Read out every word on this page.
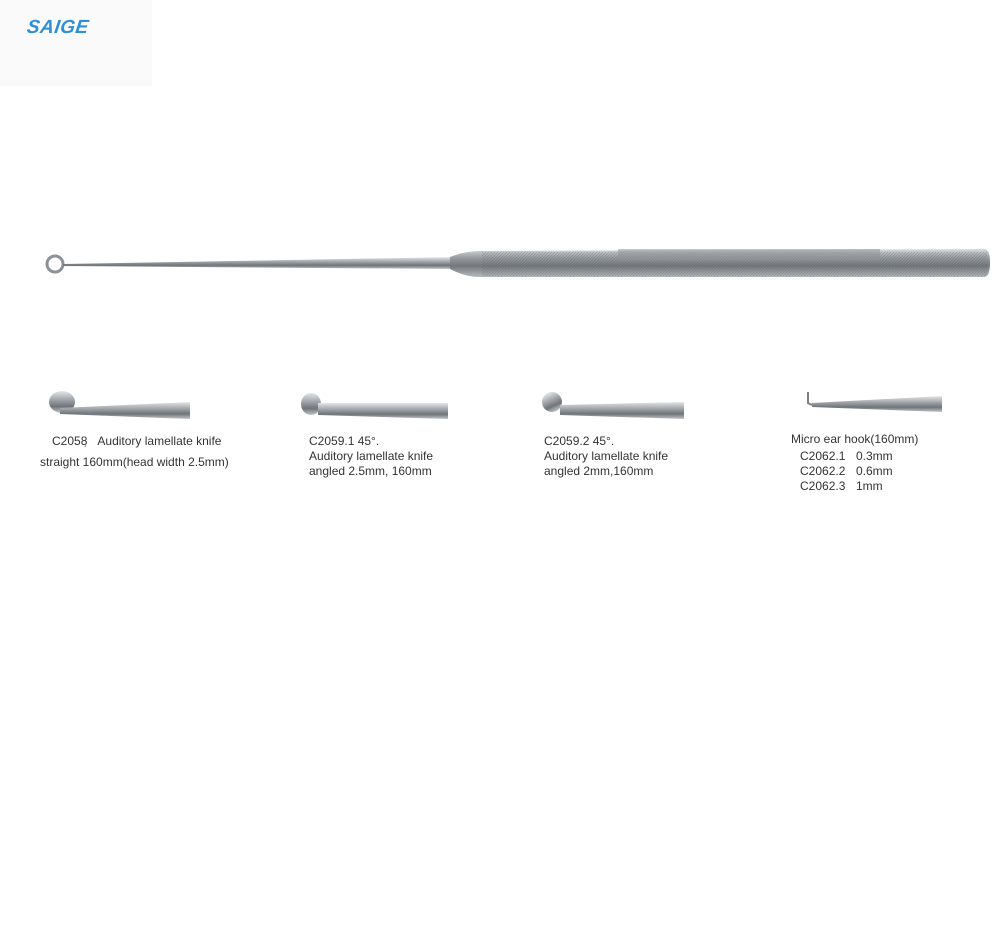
SAIGE
C2058 Auditory lamellate knife
straight 160mm(head width 2.5mm)
´
C2059.1 45°.
Auditory lamellate knife
angled 2.5mm, 160mm
C2059.2 45°.
Auditory lamellate knife
angled 2mm,160mm
Micro ear hook(160mm)
C2062.1 0.3mm
C2062.2 0.6mm
C2062.3 1mm
